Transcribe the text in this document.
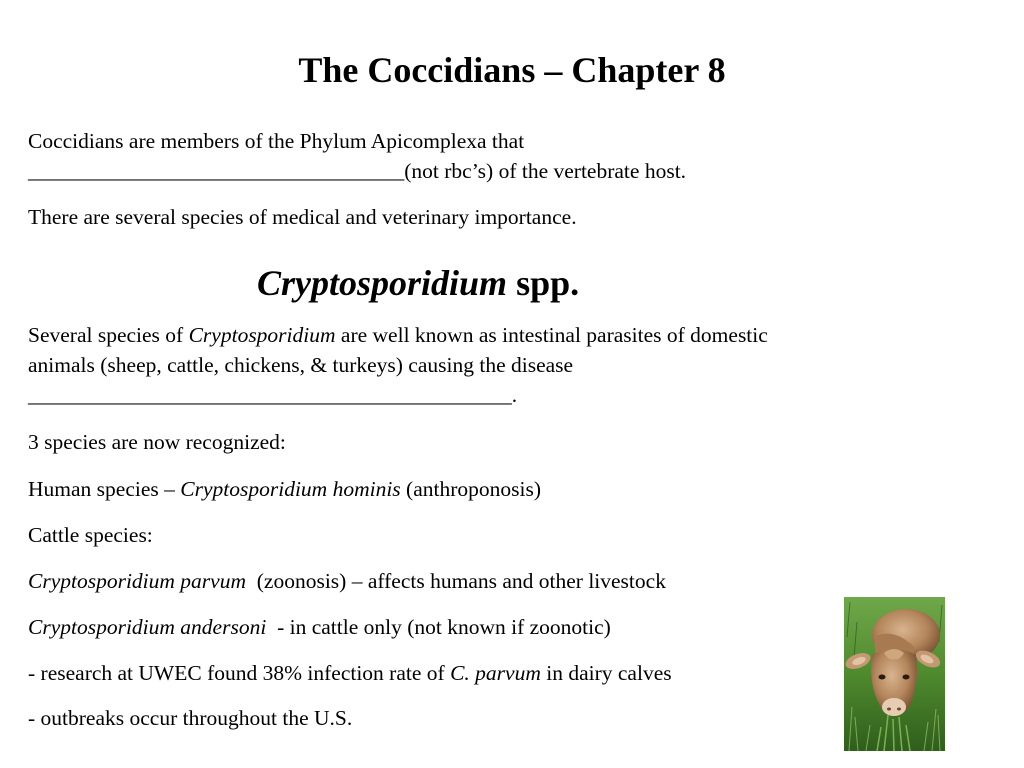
The Coccidians – Chapter 8
Coccidians are members of the Phylum Apicomplexa that
___________________________________(not rbc’s) of the vertebrate host.
There are several species of medical and veterinary importance.
Cryptosporidium spp.
Several species of Cryptosporidium are well known as intestinal parasites of domestic
animals (sheep, cattle, chickens, & turkeys) causing the disease
_____________________________________________.
3 species are now recognized:
Human species – Cryptosporidium hominis (anthroponosis)
Cattle species:
Cryptosporidium parvum  (zoonosis) – affects humans and other livestock
Cryptosporidium andersoni  - in cattle only (not known if zoonotic)
- research at UWEC found 38% infection rate of C. parvum in dairy calves
- outbreaks occur throughout the U.S.
